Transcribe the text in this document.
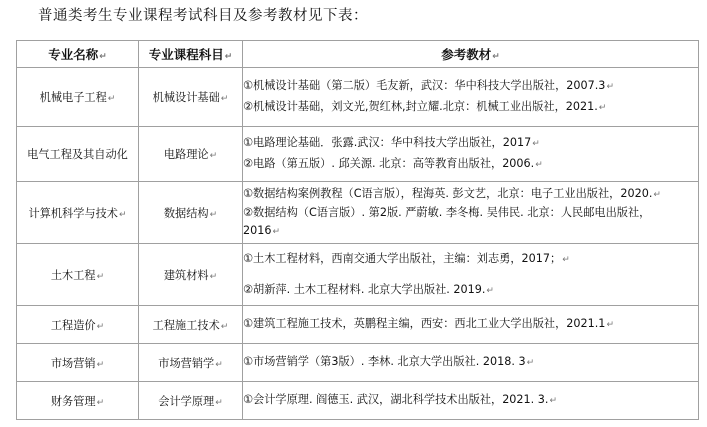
普通类考生专业课程考试科目及参考教材见下表：
专业名称↵	专业课程科目↵	参考教材↵
机械电子工程↵	机械设计基础↵	①机械设计基础（第二版）毛友新，武汉：华中科技大学出版社，2007.3↵
②机械设计基础，刘文光,贺红林,封立耀.北京：机械工业出版社，2021.↵

电气工程及其自动化	电路理论↵	①电路理论基础．张露.武汉：华中科技大学出版社，2017↵
②电路（第五版）. 邱关源. 北京：高等教育出版社，2006.↵

计算机科学与技术↵	数据结构↵	①数据结构案例教程（C语言版），程海英. 彭文艺，北京：电子工业出版社，2020.↵
②数据结构（C语言版）. 第2版. 严蔚敏. 李冬梅. 吴伟民. 北京：人民邮电出版社，
2016↵

土木工程↵	建筑材料↵	①土木工程材料，西南交通大学出版社，主编：刘志勇，2017；↵
②胡新萍. 土木工程材料. 北京大学出版社. 2019.↵

工程造价↵	工程施工技术↵	①建筑工程施工技术，英鹏程主编，西安：西北工业大学出版社，2021.1↵

市场营销↵	市场营销学↵	①市场营销学（第3版）. 李林. 北京大学出版社. 2018. 3↵

财务管理↵	会计学原理↵	①会计学原理. 阎德玉. 武汉，湖北科学技术出版社，2021. 3.↵
